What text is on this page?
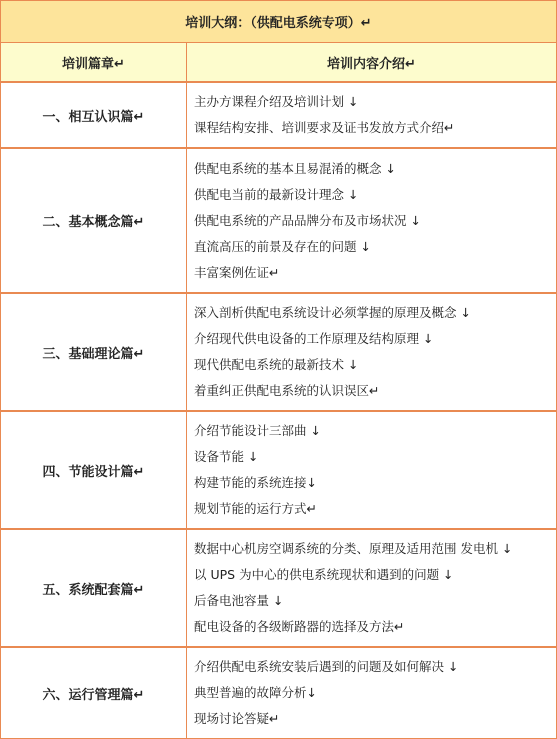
培训大纲：（供配电系统专项）↵
培训篇章↵	培训内容介绍↵
一、相互认识篇↵
主办方课程介绍及培训计划 ↓
课程结构安排、培训要求及证书发放方式介绍↵
二、基本概念篇↵
供配电系统的基本且易混淆的概念 ↓
供配电当前的最新设计理念 ↓
供配电系统的产品品牌分布及市场状况 ↓
直流高压的前景及存在的问题 ↓
丰富案例佐证↵
三、基础理论篇↵
深入剖析供配电系统设计必须掌握的原理及概念 ↓
介绍现代供电设备的工作原理及结构原理 ↓
现代供配电系统的最新技术 ↓
着重纠正供配电系统的认识误区↵
四、节能设计篇↵
介绍节能设计三部曲 ↓
设备节能 ↓
构建节能的系统连接↓
规划节能的运行方式↵
五、系统配套篇↵
数据中心机房空调系统的分类、原理及适用范围 发电机 ↓
以 UPS 为中心的供电系统现状和遇到的问题 ↓
后备电池容量 ↓
配电设备的各级断路器的选择及方法↵
六、运行管理篇↵
介绍供配电系统安装后遇到的问题及如何解决 ↓
典型普遍的故障分析↓
现场讨论答疑↵
